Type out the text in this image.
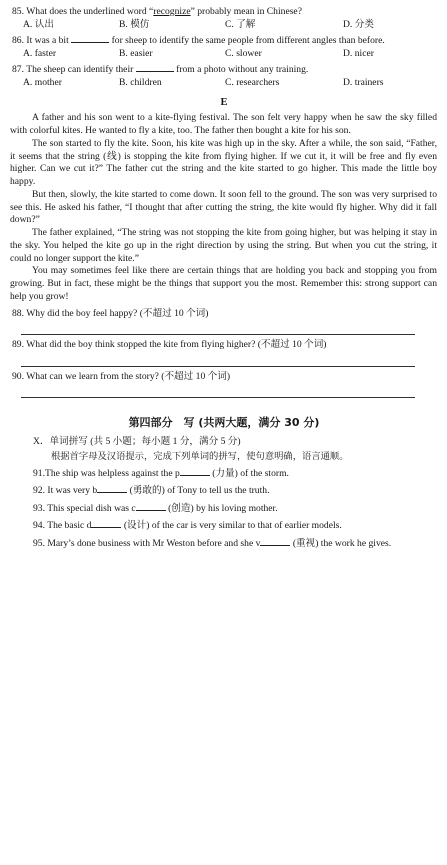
85. What does the underlined word “recognize” probably mean in Chinese?
A. 认出	B. 模仿	C. 了解	D. 分类
86. It was a bit	for sheep to identify the same people from different angles than before.
A. faster	B. easier	C. slower	D. nicer
87. The sheep can identify their	from a photo without any training.
A. mother	B. children	C. researchers	D. trainers
E

A father and his son went to a kite-flying festival. The son felt very happy when he saw the sky filled with colorful kites. He wanted to fly a kite, too. The father then bought a kite for his son.

The son started to fly the kite. Soon, his kite was high up in the sky. After a while, the son said, “Father, it seems that the string (线) is stopping the kite from flying higher. If we cut it, it will be free and fly even higher. Can we cut it?” The father cut the string and the kite started to go higher. This made the little boy happy.

But then, slowly, the kite started to come down. It soon fell to the ground. The son was very surprised to see this. He asked his father, “I thought that after cutting the string, the kite would fly higher. Why did it fall down?”

The father explained, “The string was not stopping the kite from going higher, but was helping it stay in the sky. You helped the kite go up in the right direction by using the string. But when you cut the string, it could no longer support the kite.”

You may sometimes feel like there are certain things that are holding you back and stopping you from growing. But in fact, these might be the things that support you the most. Remember this: strong support can help you grow!

88. Why did the boy feel happy? (不超过 10 个词)
89. What did the boy think stopped the kite from flying higher? (不超过 10 个词)
90. What can we learn from the story? (不超过 10 个词)
第四部分　写 (共两大题，满分 30 分)
X．单词拼写 (共 5 小题；每小题 1 分，满分 5 分)
根据首字母及汉语提示，完成下列单词的拼写，使句意明确，语言通顺。
91.The ship was helpless against the p	(力量) of the storm.
92. It was very b	(勇敢的) of Tony to tell us the truth.
93. This special dish was c	(创造) by his loving mother.
94. The basic d	(设计) of the car is very similar to that of earlier models.
95. Mary’s done business with Mr Weston before and she v	(重视) the work he gives.
